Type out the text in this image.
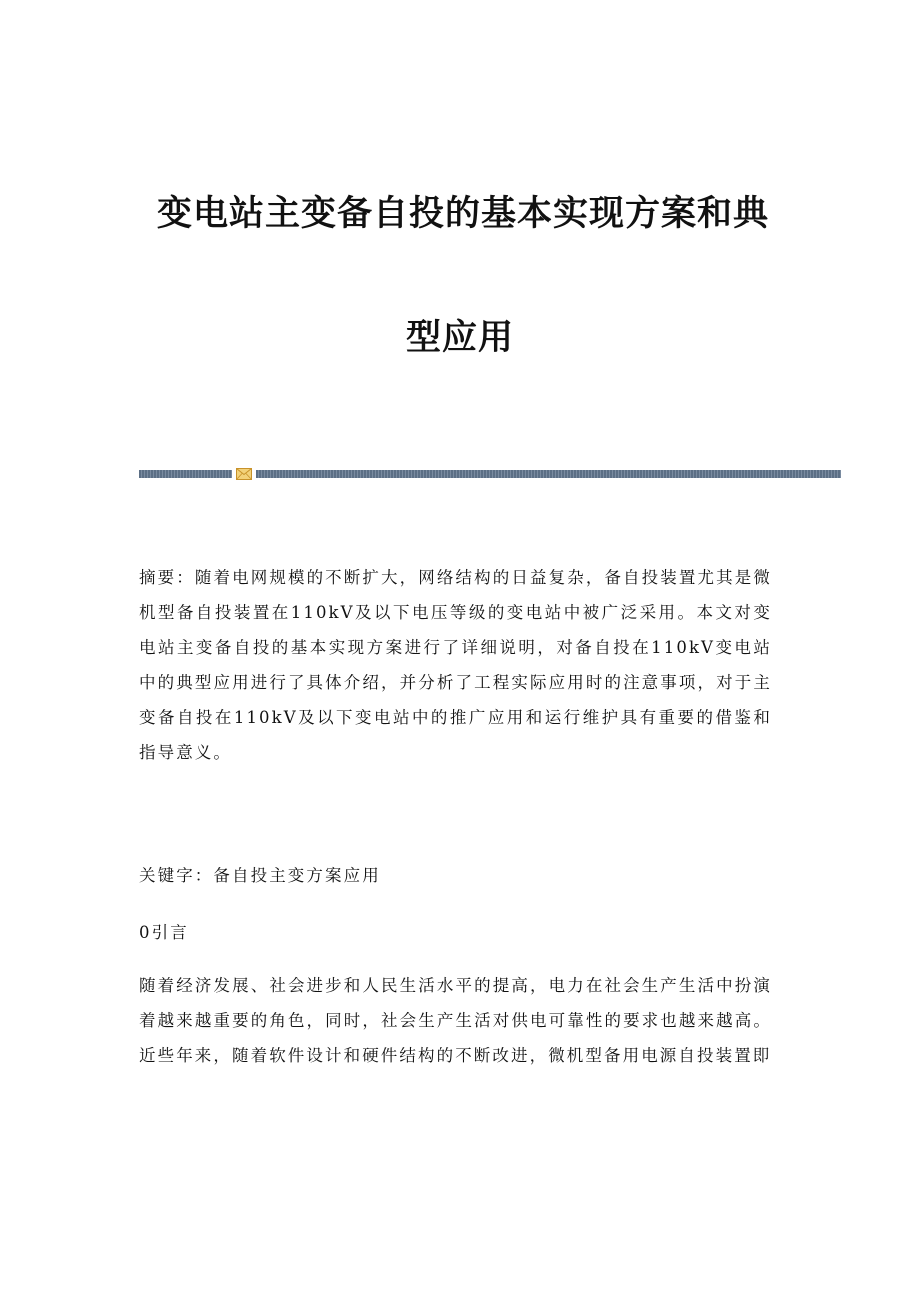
变电站主变备自投的基本实现方案和典
型应用

摘要：随着电网规模的不断扩大，网络结构的日益复杂，备自投装置尤其是微机型备自投装置在110kV及以下电压等级的变电站中被广泛采用。本文对变电站主变备自投的基本实现方案进行了详细说明，对备自投在110kV变电站中的典型应用进行了具体介绍，并分析了工程实际应用时的注意事项，对于主变备自投在110kV及以下变电站中的推广应用和运行维护具有重要的借鉴和指导意义。

关键字：备自投主变方案应用

0引言

随着经济发展、社会进步和人民生活水平的提高，电力在社会生产生活中扮演着越来越重要的角色，同时，社会生产生活对供电可靠性的要求也越来越高。近些年来，随着软件设计和硬件结构的不断改进，微机型备用电源自投装置即
